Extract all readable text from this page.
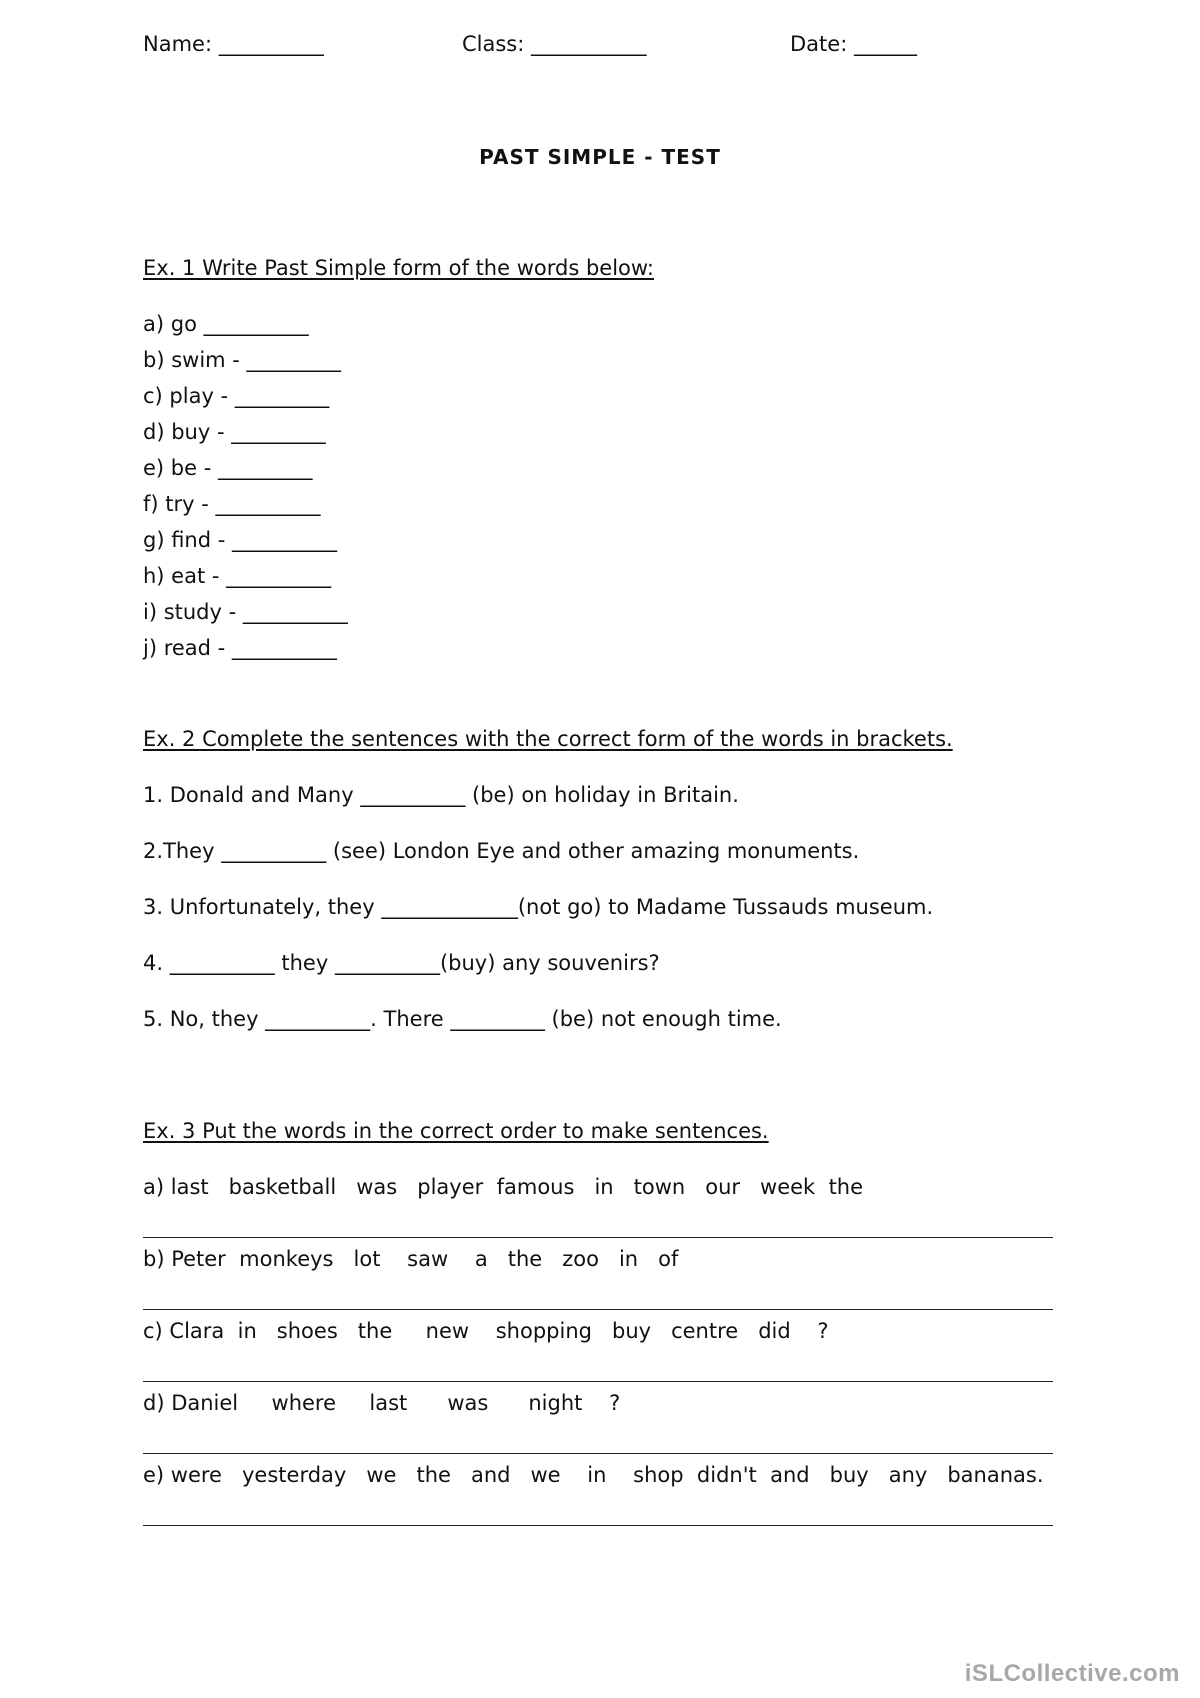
Name: __________	Class: ___________	Date: ______
PAST SIMPLE - TEST
Ex. 1 Write Past Simple form of the words below:
a) go __________
b) swim - _________
c) play - _________
d) buy - _________
e) be - _________
f) try - __________
g) find - __________
h) eat - __________
i) study - __________
j) read - __________
Ex. 2 Complete the sentences with the correct form of the words in brackets.
1. Donald and Many __________ (be) on holiday in Britain.
2.They __________ (see) London Eye and other amazing monuments.
3. Unfortunately, they _____________(not go) to Madame Tussauds museum.
4. __________ they __________(buy) any souvenirs?
5. No, they __________. There _________ (be) not enough time.
Ex. 3 Put the words in the correct order to make sentences.
a) last   basketball   was   player  famous   in   town   our   week  the
b) Peter  monkeys   lot    saw    a   the   zoo   in   of
c) Clara  in   shoes   the     new    shopping   buy   centre   did    ?
d) Daniel     where     last      was      night    ?
e) were   yesterday   we   the   and   we    in    shop  didn't  and   buy   any   bananas.
iSLCollective.com
